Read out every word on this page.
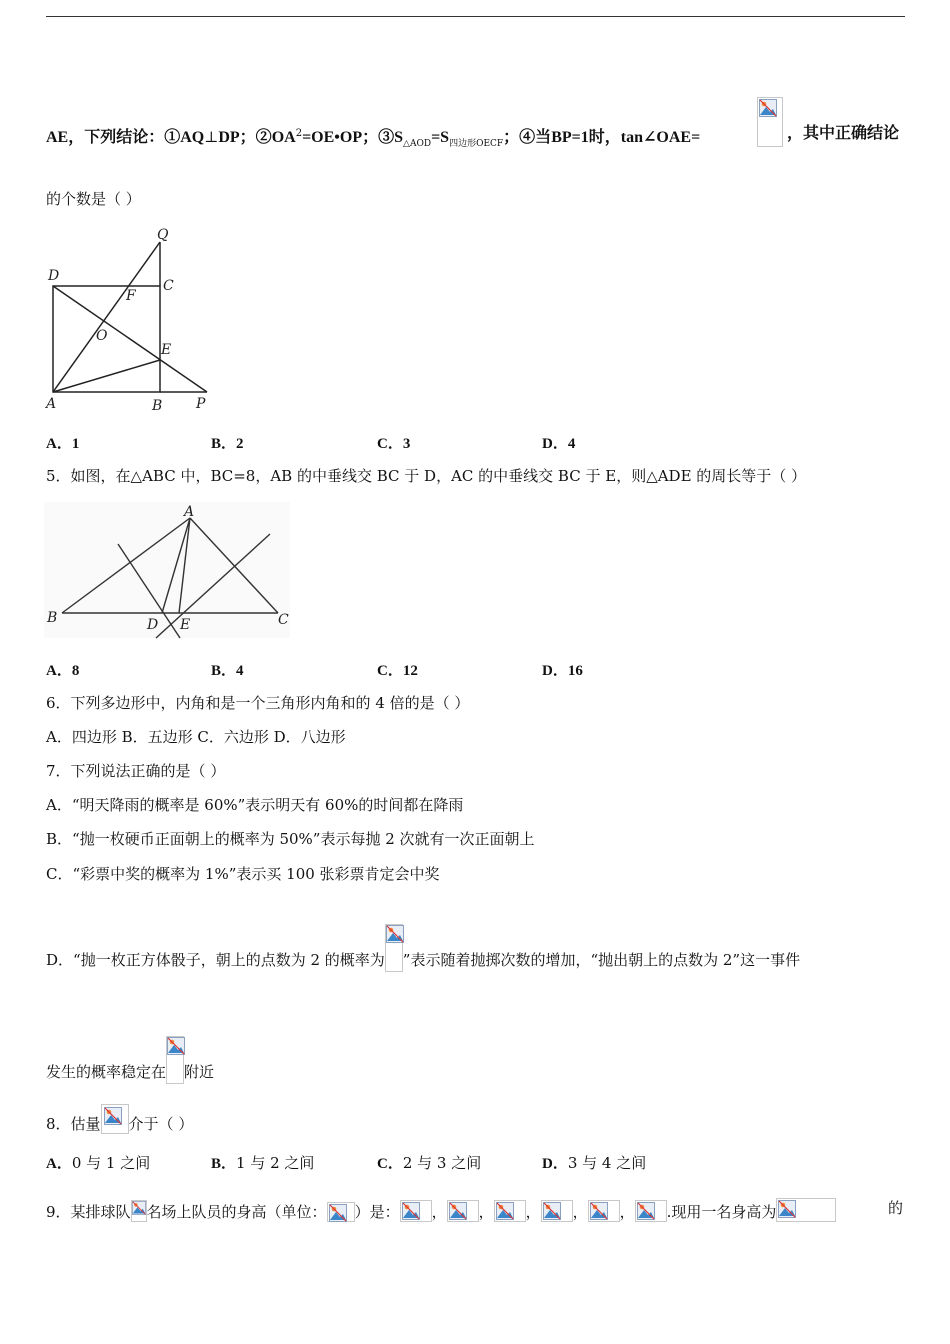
AE，下列结论：①AQ⊥DP；$②OA^2=OE•OP$；$③S_{\triangle AOD}=S_{四边形OECF}$；④当BP=1时，tan∠OAE=	，其中正确结论
的个数是（ ）
Q
D
C
F
O
E
A	B P
A．1	B．2	C．3	D．4
5．如图，在△ABC 中，BC=8，AB 的中垂线交 BC 于 D，AC 的中垂线交 BC 于 E，则△ADE 的周长等于（ ）
A
B	C
D E
A．8	B．4	C．12	D．16
6．下列多边形中，内角和是一个三角形内角和的 4 倍的是（ ）
A．四边形 B．五边形 C．六边形 D．八边形
7．下列说法正确的是（ ）
A．“明天降雨的概率是 60%”表示明天有 60%的时间都在降雨
B．“抛一枚硬币正面朝上的概率为 50%”表示每抛 2 次就有一次正面朝上
C．“彩票中奖的概率为 1%”表示买 100 张彩票肯定会中奖
D．“抛一枚正方体骰子，朝上的点数为 2 的概率为 ”表示随着抛掷次数的增加，“抛出朝上的点数为 2”这一事件
发生的概率稳定在 附近
8．估量 介于（ ）
A．0 与 1 之间	B．1 与 2 之间	C．2 与 3 之间	D．3 与 4 之间
9．某排球队 名场上队员的身高（单位： ）是： ， ， ， ， ， .现用一名身高为	的
